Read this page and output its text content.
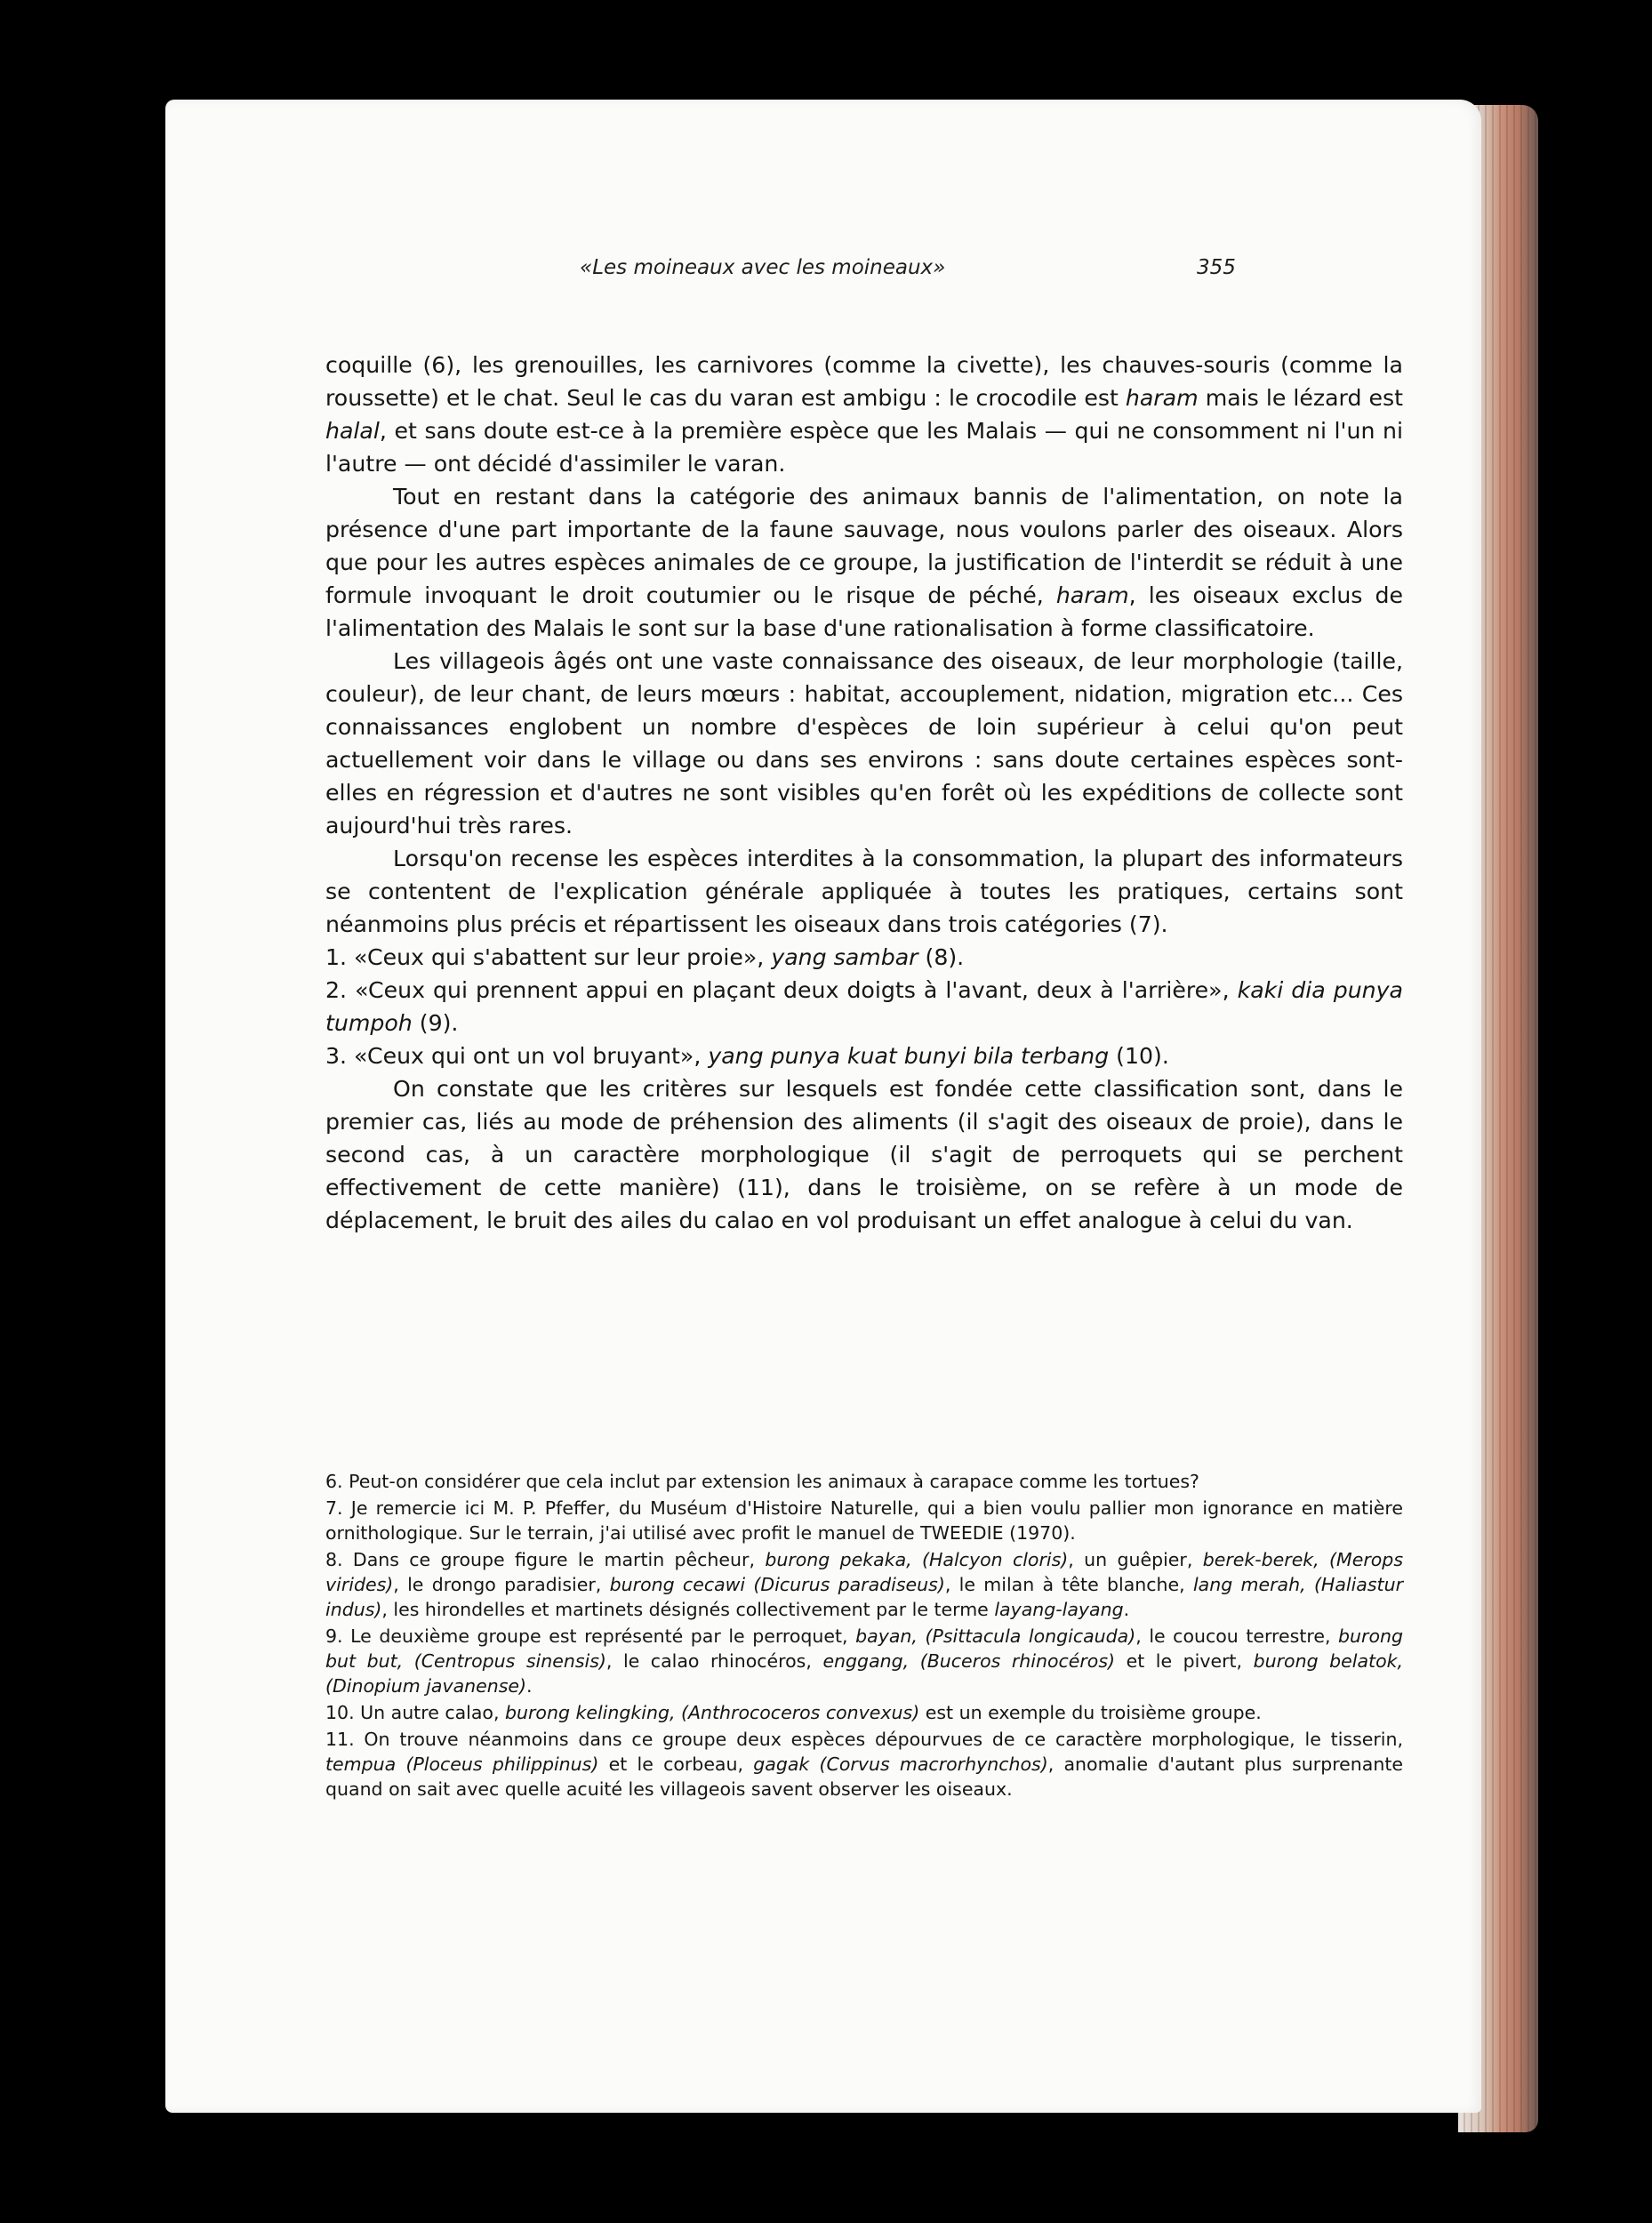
«Les moineaux avec les moineaux»	355

coquille (6), les grenouilles, les carnivores (comme la civette), les chauves-souris (comme la roussette) et le chat. Seul le cas du varan est ambigu : le crocodile est haram mais le lézard est halal, et sans doute est-ce à la première espèce que les Malais — qui ne consomment ni l'un ni l'autre — ont décidé d'assimiler le varan.

Tout en restant dans la catégorie des animaux bannis de l'alimentation, on note la présence d'une part importante de la faune sauvage, nous voulons parler des oiseaux. Alors que pour les autres espèces animales de ce groupe, la justification de l'interdit se réduit à une formule invoquant le droit coutumier ou le risque de péché, haram, les oiseaux exclus de l'alimentation des Malais le sont sur la base d'une rationalisation à forme classificatoire.

Les villageois âgés ont une vaste connaissance des oiseaux, de leur morphologie (taille, couleur), de leur chant, de leurs mœurs : habitat, accouplement, nidation, migration etc... Ces connaissances englobent un nombre d'espèces de loin supérieur à celui qu'on peut actuellement voir dans le village ou dans ses environs : sans doute certaines espèces sont-elles en régression et d'autres ne sont visibles qu'en forêt où les expéditions de collecte sont aujourd'hui très rares.

Lorsqu'on recense les espèces interdites à la consommation, la plupart des informateurs se contentent de l'explication générale appliquée à toutes les pratiques, certains sont néanmoins plus précis et répartissent les oiseaux dans trois catégories (7).

1. «Ceux qui s'abattent sur leur proie», yang sambar (8).

2. «Ceux qui prennent appui en plaçant deux doigts à l'avant, deux à l'arrière», kaki dia punya tumpoh (9).

3. «Ceux qui ont un vol bruyant», yang punya kuat bunyi bila terbang (10).

On constate que les critères sur lesquels est fondée cette classification sont, dans le premier cas, liés au mode de préhension des aliments (il s'agit des oiseaux de proie), dans le second cas, à un caractère morphologique (il s'agit de perroquets qui se perchent effectivement de cette manière) (11), dans le troisième, on se refère à un mode de déplacement, le bruit des ailes du calao en vol produisant un effet analogue à celui du van.

6. Peut-on considérer que cela inclut par extension les animaux à carapace comme les tortues?

7. Je remercie ici M. P. Pfeffer, du Muséum d'Histoire Naturelle, qui a bien voulu pallier mon ignorance en matière ornithologique. Sur le terrain, j'ai utilisé avec profit le manuel de TWEEDIE (1970).

8. Dans ce groupe figure le martin pêcheur, burong pekaka, (Halcyon cloris), un guêpier, berek-berek, (Merops virides), le drongo paradisier, burong cecawi (Dicurus paradiseus), le milan à tête blanche, lang merah, (Haliastur indus), les hirondelles et martinets désignés collectivement par le terme layang-layang.

9. Le deuxième groupe est représenté par le perroquet, bayan, (Psittacula longicauda), le coucou terrestre, burong but but, (Centropus sinensis), le calao rhinocéros, enggang, (Buceros rhinocéros) et le pivert, burong belatok, (Dinopium javanense).

10. Un autre calao, burong kelingking, (Anthrococeros convexus) est un exemple du troisième groupe.

11. On trouve néanmoins dans ce groupe deux espèces dépourvues de ce caractère morphologique, le tisserin, tempua (Ploceus philippinus) et le corbeau, gagak (Corvus macrorhynchos), anomalie d'autant plus surprenante quand on sait avec quelle acuité les villageois savent observer les oiseaux.
